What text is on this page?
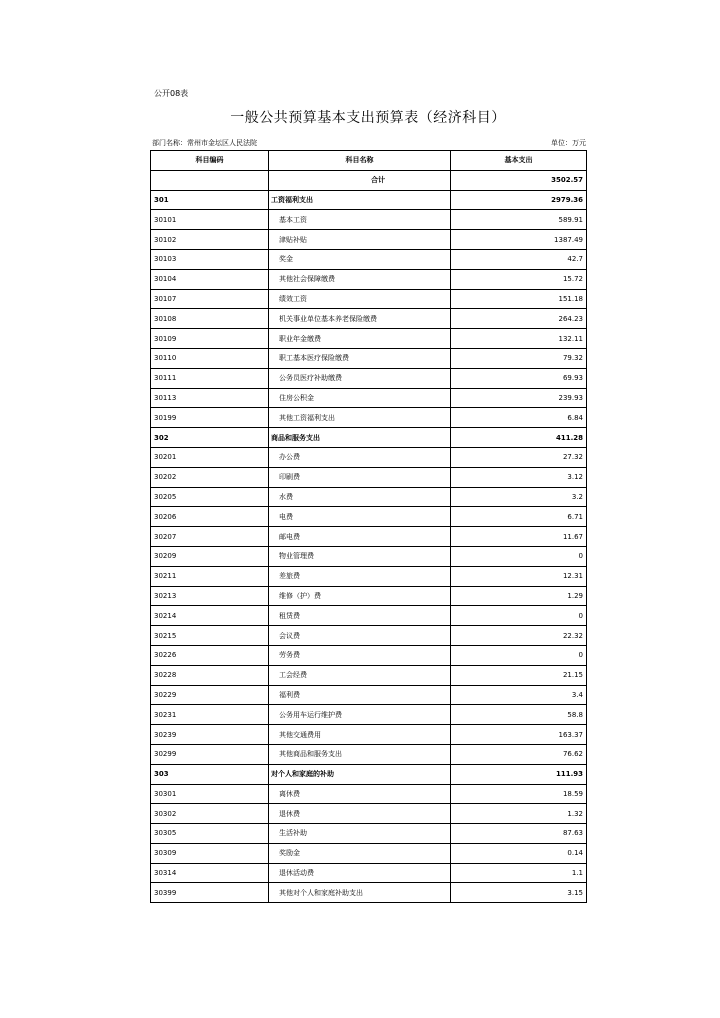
公开08表
一般公共预算基本支出预算表（经济科目）
部门名称：常州市金坛区人民法院	单位：万元
科目编码	科目名称	基本支出
	合计	3502.57
301	工资福利支出	2979.36
30101	基本工资	589.91
30102	津贴补贴	1387.49
30103	奖金	42.7
30104	其他社会保障缴费	15.72
30107	绩效工资	151.18
30108	机关事业单位基本养老保险缴费	264.23
30109	职业年金缴费	132.11
30110	职工基本医疗保险缴费	79.32
30111	公务员医疗补助缴费	69.93
30113	住房公积金	239.93
30199	其他工资福利支出	6.84
302	商品和服务支出	411.28
30201	办公费	27.32
30202	印刷费	3.12
30205	水费	3.2
30206	电费	6.71
30207	邮电费	11.67
30209	物业管理费	0
30211	差旅费	12.31
30213	维修（护）费	1.29
30214	租赁费	0
30215	会议费	22.32
30226	劳务费	0
30228	工会经费	21.15
30229	福利费	3.4
30231	公务用车运行维护费	58.8
30239	其他交通费用	163.37
30299	其他商品和服务支出	76.62
303	对个人和家庭的补助	111.93
30301	离休费	18.59
30302	退休费	1.32
30305	生活补助	87.63
30309	奖励金	0.14
30314	退休活动费	1.1
30399	其他对个人和家庭补助支出	3.15
